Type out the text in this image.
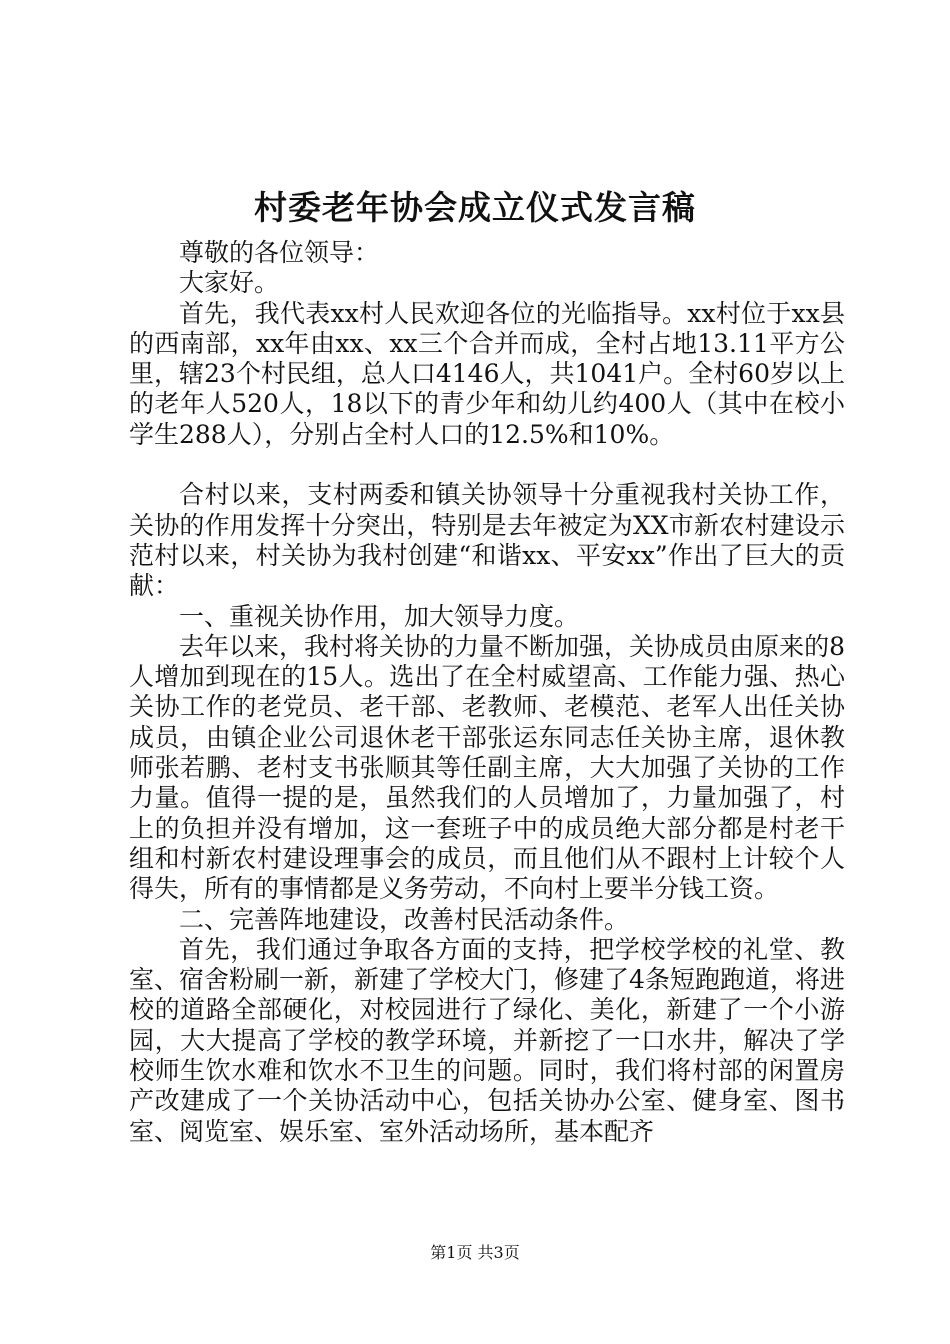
村委老年协会成立仪式发言稿

尊敬的各位领导：

大家好。

首先，我代表xx村人民欢迎各位的光临指导。xx村位于xx县的西南部，xx年由xx、xx三个合并而成，全村占地13.11平方公里，辖23个村民组，总人口4146人，共1041户。全村60岁以上的老年人520人，18以下的青少年和幼儿约400人（其中在校小学生288人），分别占全村人口的12.5%和10%。

合村以来，支村两委和镇关协领导十分重视我村关协工作，关协的作用发挥十分突出，特别是去年被定为XX市新农村建设示范村以来，村关协为我村创建“和谐xx、平安xx”作出了巨大的贡献：

一、重视关协作用，加大领导力度。

去年以来，我村将关协的力量不断加强，关协成员由原来的8人增加到现在的15人。选出了在全村威望高、工作能力强、热心关协工作的老党员、老干部、老教师、老模范、老军人出任关协成员，由镇企业公司退休老干部张运东同志任关协主席，退休教师张若鹏、老村支书张顺其等任副主席，大大加强了关协的工作力量。值得一提的是，虽然我们的人员增加了，力量加强了，村上的负担并没有增加，这一套班子中的成员绝大部分都是村老干组和村新农村建设理事会的成员，而且他们从不跟村上计较个人得失，所有的事情都是义务劳动，不向村上要半分钱工资。

二、完善阵地建设，改善村民活动条件。

首先，我们通过争取各方面的支持，把学校学校的礼堂、教室、宿舍粉刷一新，新建了学校大门，修建了4条短跑跑道，将进校的道路全部硬化，对校园进行了绿化、美化，新建了一个小游园，大大提高了学校的教学环境，并新挖了一口水井，解决了学校师生饮水难和饮水不卫生的问题。同时，我们将村部的闲置房产改建成了一个关协活动中心，包括关协办公室、健身室、图书室、阅览室、娱乐室、室外活动场所，基本配齐

第1页 共3页
